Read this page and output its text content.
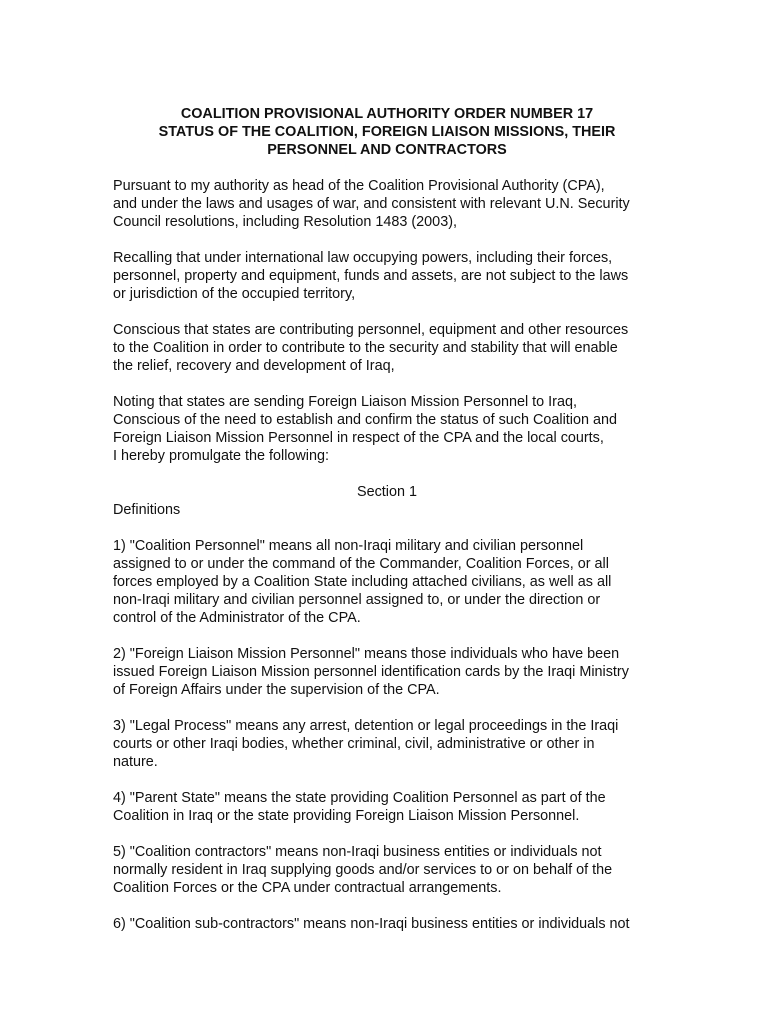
COALITION PROVISIONAL AUTHORITY ORDER NUMBER 17
STATUS OF THE COALITION, FOREIGN LIAISON MISSIONS, THEIR
PERSONNEL AND CONTRACTORS
Pursuant to my authority as head of the Coalition Provisional Authority (CPA),
and under the laws and usages of war, and consistent with relevant U.N. Security
Council resolutions, including Resolution 1483 (2003),
Recalling that under international law occupying powers, including their forces,
personnel, property and equipment, funds and assets, are not subject to the laws
or jurisdiction of the occupied territory,
Conscious that states are contributing personnel, equipment and other resources
to the Coalition in order to contribute to the security and stability that will enable
the relief, recovery and development of Iraq,
Noting that states are sending Foreign Liaison Mission Personnel to Iraq,
Conscious of the need to establish and confirm the status of such Coalition and
Foreign Liaison Mission Personnel in respect of the CPA and the local courts,
I hereby promulgate the following:
Section 1
Definitions
1) "Coalition Personnel" means all non-Iraqi military and civilian personnel
assigned to or under the command of the Commander, Coalition Forces, or all
forces employed by a Coalition State including attached civilians, as well as all
non-Iraqi military and civilian personnel assigned to, or under the direction or
control of the Administrator of the CPA.
2) "Foreign Liaison Mission Personnel" means those individuals who have been
issued Foreign Liaison Mission personnel identification cards by the Iraqi Ministry
of Foreign Affairs under the supervision of the CPA.
3) "Legal Process" means any arrest, detention or legal proceedings in the Iraqi
courts or other Iraqi bodies, whether criminal, civil, administrative or other in
nature.
4) "Parent State" means the state providing Coalition Personnel as part of the
Coalition in Iraq or the state providing Foreign Liaison Mission Personnel.
5) "Coalition contractors" means non-Iraqi business entities or individuals not
normally resident in Iraq supplying goods and/or services to or on behalf of the
Coalition Forces or the CPA under contractual arrangements.
6) "Coalition sub-contractors" means non-Iraqi business entities or individuals not
